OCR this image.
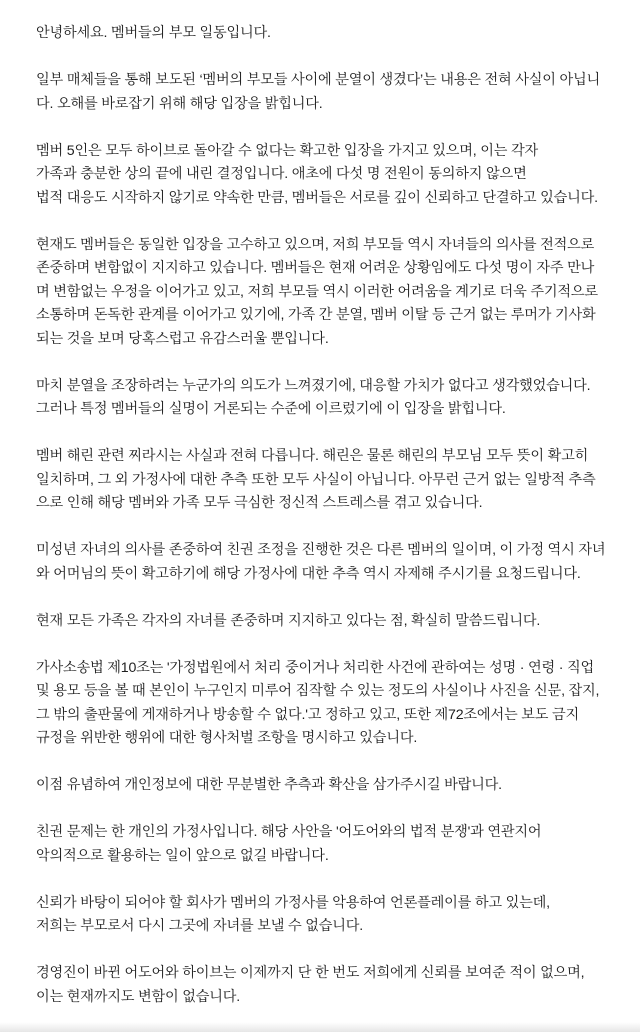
안녕하세요. 멤버들의 부모 일동입니다.
일부 매체들을 통해 보도된 ‘멤버의 부모들 사이에 분열이 생겼다’는 내용은 전혀 사실이 아닙니
다. 오해를 바로잡기 위해 해당 입장을 밝힙니다.
멤버 5인은 모두 하이브로 돌아갈 수 없다는 확고한 입장을 가지고 있으며, 이는 각자
가족과 충분한 상의 끝에 내린 결정입니다. 애초에 다섯 명 전원이 동의하지 않으면
법적 대응도 시작하지 않기로 약속한 만큼, 멤버들은 서로를 깊이 신뢰하고 단결하고 있습니다.
현재도 멤버들은 동일한 입장을 고수하고 있으며, 저희 부모들 역시 자녀들의 의사를 전적으로
존중하며 변함없이 지지하고 있습니다. 멤버들은 현재 어려운 상황임에도 다섯 명이 자주 만나
며 변함없는 우정을 이어가고 있고, 저희 부모들 역시 이러한 어려움을 계기로 더욱 주기적으로
소통하며 돈독한 관계를 이어가고 있기에, 가족 간 분열, 멤버 이탈 등 근거 없는 루머가 기사화
되는 것을 보며 당혹스럽고 유감스러울 뿐입니다.
마치 분열을 조장하려는 누군가의 의도가 느껴졌기에, 대응할 가치가 없다고 생각했었습니다.
그러나 특정 멤버들의 실명이 거론되는 수준에 이르렀기에 이 입장을 밝힙니다.
멤버 해린 관련 찌라시는 사실과 전혀 다릅니다. 해린은 물론 해린의 부모님 모두 뜻이 확고히
일치하며, 그 외 가정사에 대한 추측 또한 모두 사실이 아닙니다. 아무런 근거 없는 일방적 추측
으로 인해 해당 멤버와 가족 모두 극심한 정신적 스트레스를 겪고 있습니다.
미성년 자녀의 의사를 존중하여 친권 조정을 진행한 것은 다른 멤버의 일이며, 이 가정 역시 자녀
와 어머님의 뜻이 확고하기에 해당 가정사에 대한 추측 역시 자제해 주시기를 요청드립니다.
현재 모든 가족은 각자의 자녀를 존중하며 지지하고 있다는 점, 확실히 말씀드립니다.
가사소송법 제10조는 '가정법원에서 처리 중이거나 처리한 사건에 관하여는 성명 · 연령 · 직업
및 용모 등을 볼 때 본인이 누구인지 미루어 짐작할 수 있는 정도의 사실이나 사진을 신문, 잡지,
그 밖의 출판물에 게재하거나 방송할 수 없다.'고 정하고 있고, 또한 제72조에서는 보도 금지
규정을 위반한 행위에 대한 형사처벌 조항을 명시하고 있습니다.
이점 유념하여 개인정보에 대한 무분별한 추측과 확산을 삼가주시길 바랍니다.
친권 문제는 한 개인의 가정사입니다. 해당 사안을 '어도어와의 법적 분쟁'과 연관지어
악의적으로 활용하는 일이 앞으로 없길 바랍니다.
신뢰가 바탕이 되어야 할 회사가 멤버의 가정사를 악용하여 언론플레이를 하고 있는데,
저희는 부모로서 다시 그곳에 자녀를 보낼 수 없습니다.
경영진이 바뀐 어도어와 하이브는 이제까지 단 한 번도 저희에게 신뢰를 보여준 적이 없으며,
이는 현재까지도 변함이 없습니다.
